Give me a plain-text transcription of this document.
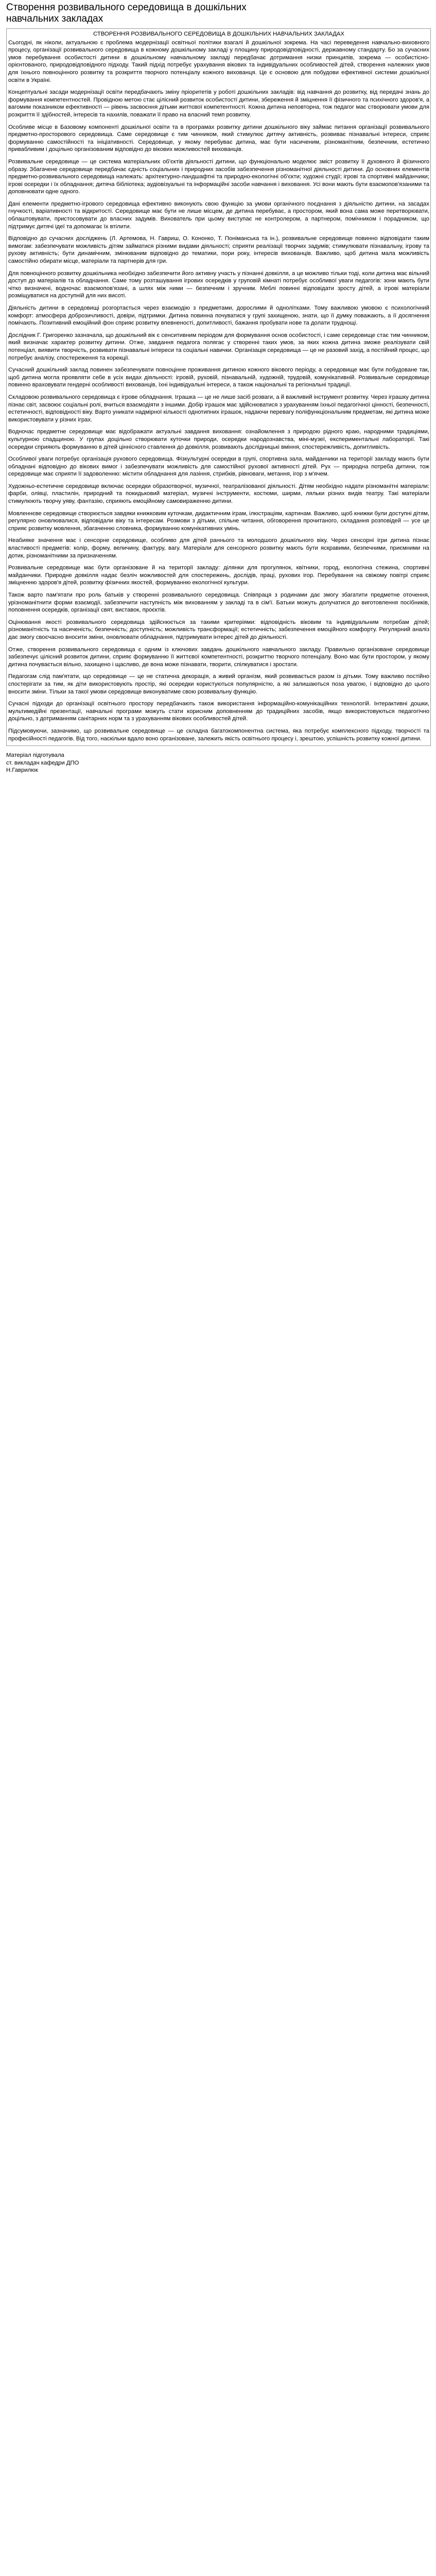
Створення розвивального середовища в дошкільних навчальних закладах
СТВОРЕННЯ РОЗВИВАЛЬНОГО СЕРЕДОВИЩА В ДОШКІЛЬНИХ НАВЧАЛЬНИХ ЗАКЛАДАХ

Сьогодні, як ніколи, актуальною є проблема модернізації освітньої політики взагалі й дошкільної зокрема. На часі переведення навчально-виховного процесу, організації розвивального середовища в кожному дошкільному закладі у площину природовідповідності, державному стандарту. Бо за сучасних умов перебування особистості дитини в дошкільному навчальному закладі передбачає дотримання низки принципів, зокрема — особистісно-орієнтованого, природовідповідного підходу. Такий підхід потребує урахування вікових та індивідуальних особливостей дітей, створення належних умов для їхнього повноцінного розвитку та розкриття творчого потенціалу кожного вихованця. Це є основою для побудови ефективної системи дошкільної освіти в Україні.

Концептуальні засади модернізації освіти передбачають зміну пріоритетів у роботі дошкільних закладів: від навчання до розвитку, від передачі знань до формування компетентностей. Провідною метою стає цілісний розвиток особистості дитини, збереження й зміцнення її фізичного та психічного здоров'я, а вагомим показником ефективності — рівень засвоєння дітьми життєвої компетентності. Кожна дитина неповторна, тож педагог має створювати умови для розкриття її здібностей, інтересів та нахилів, поважати її право на власний темп розвитку.

Особливе місце в Базовому компоненті дошкільної освіти та в програмах розвитку дитини дошкільного віку займає питання організації розвивального предметно-просторового середовища. Саме середовище є тим чинником, який стимулює дитячу активність, розвиває пізнавальні інтереси, сприяє формуванню самостійності та ініціативності. Середовище, у якому перебуває дитина, має бути насиченим, різноманітним, безпечним, естетично привабливим і доцільно організованим відповідно до вікових можливостей вихованців.

Розвивальне середовище — це система матеріальних об'єктів діяльності дитини, що функціонально моделює зміст розвитку її духовного й фізичного образу. Збагачене середовище передбачає єдність соціальних і природних засобів забезпечення різноманітної діяльності дитини. До основних елементів предметно-розвивального середовища належать: архітектурно-ландшафтні та природно-екологічні об'єкти; художні студії; ігрові та спортивні майданчики; ігрові осередки і їх обладнання; дитяча бібліотека; аудіовізуальні та інформаційні засоби навчання і виховання. Усі вони мають бути взаємопов'язаними та доповнювати одне одного.

Дані елементи предметно-ігрового середовища ефективно виконують свою функцію за умови органічного поєднання з діяльністю дитини, на засадах гнучкості, варіативності та відкритості. Середовище має бути не лише місцем, де дитина перебуває, а простором, який вона сама може перетворювати, облаштовувати, пристосовувати до власних задумів. Вихователь при цьому виступає не контролером, а партнером, помічником і порадником, що підтримує дитячі ідеї та допомагає їх втілити.

Відповідно до сучасних досліджень (Л. Артемова, Н. Гавриш, О. Кононко, Т. Поніманська та ін.), розвивальне середовище повинно відповідати таким вимогам: забезпечувати можливість дітям займатися різними видами діяльності; сприяти реалізації творчих задумів; стимулювати пізнавальну, ігрову та рухову активність; бути динамічним, змінюваним відповідно до тематики, пори року, інтересів вихованців. Важливо, щоб дитина мала можливість самостійно обирати місце, матеріали та партнерів для гри.

Для повноцінного розвитку дошкільника необхідно забезпечити його активну участь у пізнанні довкілля, а це можливо тільки тоді, коли дитина має вільний доступ до матеріалів та обладнання. Саме тому розташування ігрових осередків у груповій кімнаті потребує особливої уваги педагогів: зони мають бути чітко визначені, водночас взаємопов'язані, а шлях між ними — безпечним і зручним. Меблі повинні відповідати зросту дітей, а ігрові матеріали розміщуватися на доступній для них висоті.

Діяльність дитини в середовищі розгортається через взаємодію з предметами, дорослими й однолітками. Тому важливою умовою є психологічний комфорт: атмосфера доброзичливості, довіри, підтримки. Дитина повинна почуватися у групі захищеною, знати, що її думку поважають, а її досягнення помічають. Позитивний емоційний фон сприяє розвитку впевненості, допитливості, бажання пробувати нове та долати труднощі.

Дослідник Г. Григоренко зазначала, що дошкільний вік є сенситивним періодом для формування основ особистості, і саме середовище стає тим чинником, який визначає характер розвитку дитини. Отже, завдання педагога полягає у створенні таких умов, за яких кожна дитина зможе реалізувати свій потенціал, виявити творчість, розвивати пізнавальні інтереси та соціальні навички. Організація середовища — це не разовий захід, а постійний процес, що потребує аналізу, спостереження та корекції.

Сучасний дошкільний заклад повинен забезпечувати повноцінне проживання дитиною кожного вікового періоду, а середовище має бути побудоване так, щоб дитина могла проявляти себе в усіх видах діяльності: ігровій, руховій, пізнавальній, художній, трудовій, комунікативній. Розвивальне середовище повинно враховувати гендерні особливості вихованців, їхні індивідуальні інтереси, а також національні та регіональні традиції.

Складовою розвивального середовища є ігрове обладнання. Іграшка — це не лише засіб розваги, а й важливий інструмент розвитку. Через іграшку дитина пізнає світ, засвоює соціальні ролі, вчиться взаємодіяти з іншими. Добір іграшок має здійснюватися з урахуванням їхньої педагогічної цінності, безпечності, естетичності, відповідності віку. Варто уникати надмірної кількості однотипних іграшок, надаючи перевагу поліфункціональним предметам, які дитина може використовувати у різних іграх.

Водночас предметне середовище має відображати актуальні завдання виховання: ознайомлення з природою рідного краю, народними традиціями, культурною спадщиною. У групах доцільно створювати куточки природи, осередки народознавства, міні-музеї, експериментальні лабораторії. Такі осередки сприяють формуванню в дітей ціннісного ставлення до довкілля, розвивають дослідницькі вміння, спостережливість, допитливість.

Особливої уваги потребує організація рухового середовища. Фізкультурні осередки в групі, спортивна зала, майданчики на території закладу мають бути обладнані відповідно до вікових вимог і забезпечувати можливість для самостійної рухової активності дітей. Рух — природна потреба дитини, тож середовище має сприяти її задоволенню: містити обладнання для лазіння, стрибків, рівноваги, метання, ігор з м'ячем.

Художньо-естетичне середовище включає осередки образотворчої, музичної, театралізованої діяльності. Дітям необхідно надати різноманітні матеріали: фарби, олівці, пластилін, природний та покидьковий матеріал, музичні інструменти, костюми, ширми, ляльки різних видів театру. Такі матеріали стимулюють творчу уяву, фантазію, сприяють емоційному самовираженню дитини.

Мовленнєве середовище створюється завдяки книжковим куточкам, дидактичним іграм, ілюстраціям, картинам. Важливо, щоб книжки були доступні дітям, регулярно оновлювалися, відповідали віку та інтересам. Розмови з дітьми, спільне читання, обговорення прочитаного, складання розповідей — усе це сприяє розвитку мовлення, збагаченню словника, формуванню комунікативних умінь.

Неабияке значення має і сенсорне середовище, особливо для дітей раннього та молодшого дошкільного віку. Через сенсорні ігри дитина пізнає властивості предметів: колір, форму, величину, фактуру, вагу. Матеріали для сенсорного розвитку мають бути яскравими, безпечними, приємними на дотик, різноманітними за призначенням.

Розвивальне середовище має бути організоване й на території закладу: ділянки для прогулянок, квітники, город, екологічна стежина, спортивні майданчики. Природне довкілля надає безліч можливостей для спостережень, дослідів, праці, рухових ігор. Перебування на свіжому повітрі сприяє зміцненню здоров'я дітей, розвитку фізичних якостей, формуванню екологічної культури.

Також варто пам'ятати про роль батьків у створенні розвивального середовища. Співпраця з родинами дає змогу збагатити предметне оточення, урізноманітнити форми взаємодії, забезпечити наступність між вихованням у закладі та в сім'ї. Батьки можуть долучатися до виготовлення посібників, поповнення осередків, організації свят, виставок, проєктів.

Оцінювання якості розвивального середовища здійснюється за такими критеріями: відповідність віковим та індивідуальним потребам дітей; різноманітність та насиченість; безпечність; доступність; можливість трансформації; естетичність; забезпечення емоційного комфорту. Регулярний аналіз дає змогу своєчасно вносити зміни, оновлювати обладнання, підтримувати інтерес дітей до діяльності.

Отже, створення розвивального середовища є одним із ключових завдань дошкільного навчального закладу. Правильно організоване середовище забезпечує цілісний розвиток дитини, сприяє формуванню її життєвої компетентності, розкриттю творчого потенціалу. Воно має бути простором, у якому дитина почувається вільно, захищено і щасливо, де вона може пізнавати, творити, спілкуватися і зростати.

Педагогам слід пам'ятати, що середовище — це не статична декорація, а живий організм, який розвивається разом із дітьми. Тому важливо постійно спостерігати за тим, як діти використовують простір, які осередки користуються популярністю, а які залишаються поза увагою, і відповідно до цього вносити зміни. Тільки за такої умови середовище виконуватиме свою розвивальну функцію.

Сучасні підходи до організації освітнього простору передбачають також використання інформаційно-комунікаційних технологій. Інтерактивні дошки, мультимедійні презентації, навчальні програми можуть стати корисним доповненням до традиційних засобів, якщо використовуються педагогічно доцільно, з дотриманням санітарних норм та з урахуванням вікових особливостей дітей.

Підсумовуючи, зазначимо, що розвивальне середовище — це складна багатокомпонентна система, яка потребує комплексного підходу, творчості та професійності педагогів. Від того, наскільки вдало воно організоване, залежить якість освітнього процесу і, зрештою, успішність розвитку кожної дитини.

Матеріал підготувала
ст. викладач кафедри ДПО
Н.Гаврилюк
